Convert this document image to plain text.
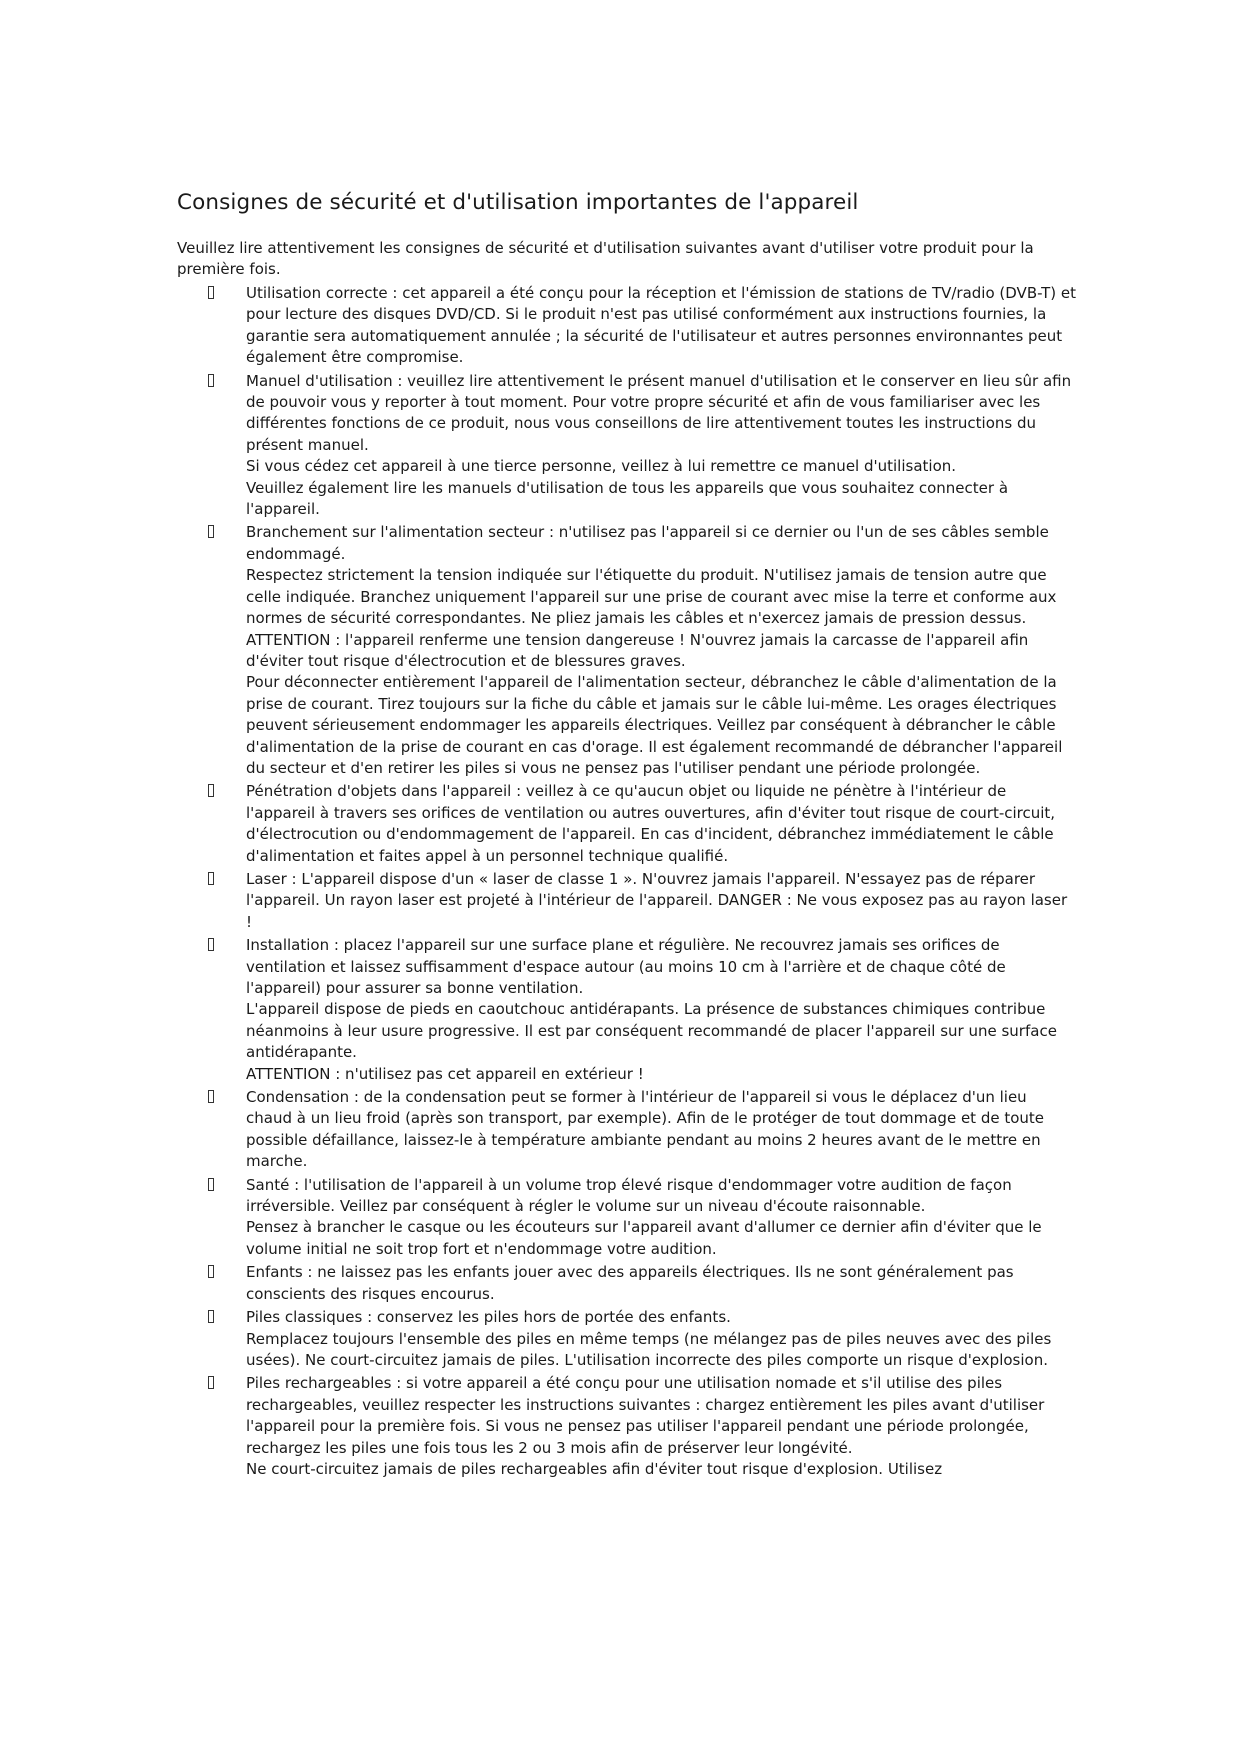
Consignes de sécurité et d'utilisation importantes de l'appareil

Veuillez lire attentivement les consignes de sécurité et d'utilisation suivantes avant d'utiliser votre produit pour la première fois.

Utilisation correcte : cet appareil a été conçu pour la réception et l'émission de stations de TV/radio (DVB-T) et pour lecture des disques DVD/CD. Si le produit n'est pas utilisé conformément aux instructions fournies, la garantie sera automatiquement annulée ; la sécurité de l'utilisateur et autres personnes environnantes peut également être compromise.

Manuel d'utilisation : veuillez lire attentivement le présent manuel d'utilisation et le conserver en lieu sûr afin de pouvoir vous y reporter à tout moment. Pour votre propre sécurité et afin de vous familiariser avec les différentes fonctions de ce produit, nous vous conseillons de lire attentivement toutes les instructions du présent manuel.

Si vous cédez cet appareil à une tierce personne, veillez à lui remettre ce manuel d'utilisation.

Veuillez également lire les manuels d'utilisation de tous les appareils que vous souhaitez connecter à l'appareil.

Branchement sur l'alimentation secteur : n'utilisez pas l'appareil si ce dernier ou l'un de ses câbles semble endommagé.

Respectez strictement la tension indiquée sur l'étiquette du produit. N'utilisez jamais de tension autre que celle indiquée. Branchez uniquement l'appareil sur une prise de courant avec mise la terre et conforme aux normes de sécurité correspondantes. Ne pliez jamais les câbles et n'exercez jamais de pression dessus.

ATTENTION : l'appareil renferme une tension dangereuse ! N'ouvrez jamais la carcasse de l'appareil afin d'éviter tout risque d'électrocution et de blessures graves.

Pour déconnecter entièrement l'appareil de l'alimentation secteur, débranchez le câble d'alimentation de la prise de courant. Tirez toujours sur la fiche du câble et jamais sur le câble lui-même. Les orages électriques peuvent sérieusement endommager les appareils électriques. Veillez par conséquent à débrancher le câble d'alimentation de la prise de courant en cas d'orage. Il est également recommandé de débrancher l'appareil du secteur et d'en retirer les piles si vous ne pensez pas l'utiliser pendant une période prolongée.

Pénétration d'objets dans l'appareil : veillez à ce qu'aucun objet ou liquide ne pénètre à l'intérieur de l'appareil à travers ses orifices de ventilation ou autres ouvertures, afin d'éviter tout risque de court-circuit, d'électrocution ou d'endommagement de l'appareil. En cas d'incident, débranchez immédiatement le câble d'alimentation et faites appel à un personnel technique qualifié.

Laser : L'appareil dispose d'un « laser de classe 1 ». N'ouvrez jamais l'appareil. N'essayez pas de réparer l'appareil. Un rayon laser est projeté à l'intérieur de l'appareil. DANGER : Ne vous exposez pas au rayon laser !

Installation : placez l'appareil sur une surface plane et régulière. Ne recouvrez jamais ses orifices de ventilation et laissez suffisamment d'espace autour (au moins 10 cm à l'arrière et de chaque côté de l'appareil) pour assurer sa bonne ventilation.

L'appareil dispose de pieds en caoutchouc antidérapants. La présence de substances chimiques contribue néanmoins à leur usure progressive. Il est par conséquent recommandé de placer l'appareil sur une surface antidérapante.

ATTENTION : n'utilisez pas cet appareil en extérieur !

Condensation : de la condensation peut se former à l'intérieur de l'appareil si vous le déplacez d'un lieu chaud à un lieu froid (après son transport, par exemple). Afin de le protéger de tout dommage et de toute possible défaillance, laissez-le à température ambiante pendant au moins 2 heures avant de le mettre en marche.

Santé : l'utilisation de l'appareil à un volume trop élevé risque d'endommager votre audition de façon irréversible. Veillez par conséquent à régler le volume sur un niveau d'écoute raisonnable.

Pensez à brancher le casque ou les écouteurs sur l'appareil avant d'allumer ce dernier afin d'éviter que le volume initial ne soit trop fort et n'endommage votre audition.

Enfants : ne laissez pas les enfants jouer avec des appareils électriques. Ils ne sont généralement pas conscients des risques encourus.

Piles classiques : conservez les piles hors de portée des enfants.

Remplacez toujours l'ensemble des piles en même temps (ne mélangez pas de piles neuves avec des piles usées). Ne court-circuitez jamais de piles. L'utilisation incorrecte des piles comporte un risque d'explosion.

Piles rechargeables : si votre appareil a été conçu pour une utilisation nomade et s'il utilise des piles rechargeables, veuillez respecter les instructions suivantes : chargez entièrement les piles avant d'utiliser l'appareil pour la première fois. Si vous ne pensez pas utiliser l'appareil pendant une période prolongée, rechargez les piles une fois tous les 2 ou 3 mois afin de préserver leur longévité.

Ne court-circuitez jamais de piles rechargeables afin d'éviter tout risque d'explosion. Utilisez
